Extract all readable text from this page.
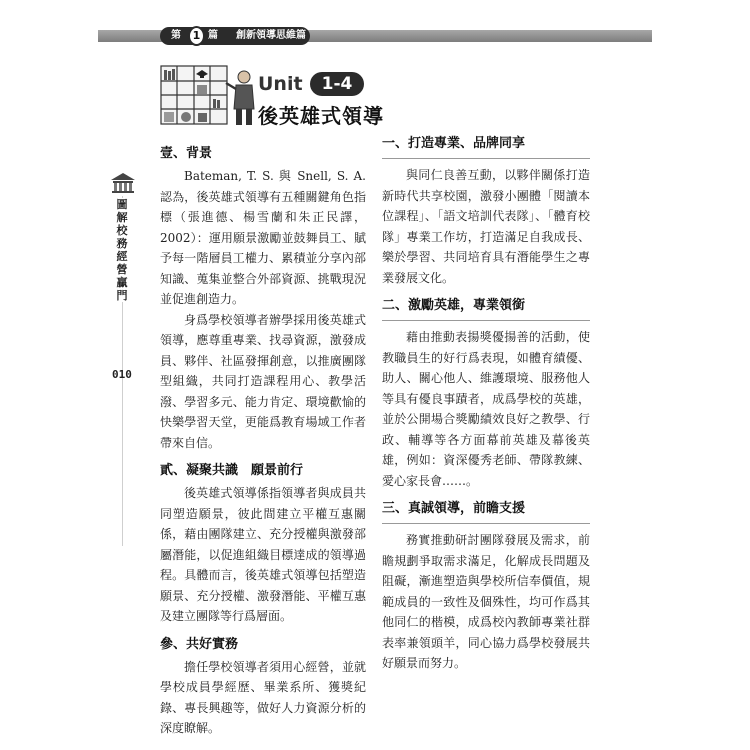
第	1 篇 創新領導思維篇
Unit	1-4
後英雄式領導
圖
解
校
務
經
營
贏
門
010
壹、背景

Bateman, T. S. 與 Snell, S. A. 認為，後英雄式領導有五種關鍵角色指標（張進德、楊雪蘭和朱正民譯，2002）：運用願景激勵並鼓舞員工、賦予每一階層員工權力、累積並分享內部知識、蒐集並整合外部資源、挑戰現況並促進創造力。

身爲學校領導者辦學採用後英雄式領導，應尊重專業、找尋資源，激發成員、夥伴、社區發揮創意，以推廣團隊型組織，共同打造課程用心、教學活潑、學習多元、能力肯定、環境歡愉的快樂學習天堂，更能爲教育場域工作者帶來自信。

貳、凝聚共識　願景前行

後英雄式領導係指領導者與成員共同塑造願景，彼此間建立平權互惠關係，藉由團隊建立、充分授權與激發部屬潛能，以促進組織目標達成的領導過程。具體而言，後英雄式領導包括塑造願景、充分授權、激發潛能、平權互惠及建立團隊等行爲層面。

參、共好實務

擔任學校領導者須用心經營，並就學校成員學經歷、畢業系所、獲獎紀錄、專長興趣等，做好人力資源分析的深度瞭解。

一、打造專業、品牌同享

與同仁良善互動，以夥伴關係打造新時代共享校園，激發小團體「閱讀本位課程」、「語文培訓代表隊」、「體育校隊」專業工作坊，打造滿足自我成長、樂於學習、共同培育具有潛能學生之專業發展文化。

二、激勵英雄，專業領銜

藉由推動表揚獎優揚善的活動，使教職員生的好行爲表現，如體育績優、助人、關心他人、維護環境、服務他人等具有優良事蹟者，成爲學校的英雄，並於公開場合獎勵績效良好之教學、行政、輔導等各方面幕前英雄及幕後英雄，例如：資深優秀老師、帶隊教練、愛心家長會……。

三、真誠領導，前瞻支援

務實推動研討團隊發展及需求，前瞻規劃爭取需求滿足，化解成長問題及阻礙，漸進塑造與學校所信奉價值，規範成員的一致性及個殊性，均可作爲其他同仁的楷模，成爲校內教師專業社群表率兼領頭羊，同心協力爲學校發展共好願景而努力。
